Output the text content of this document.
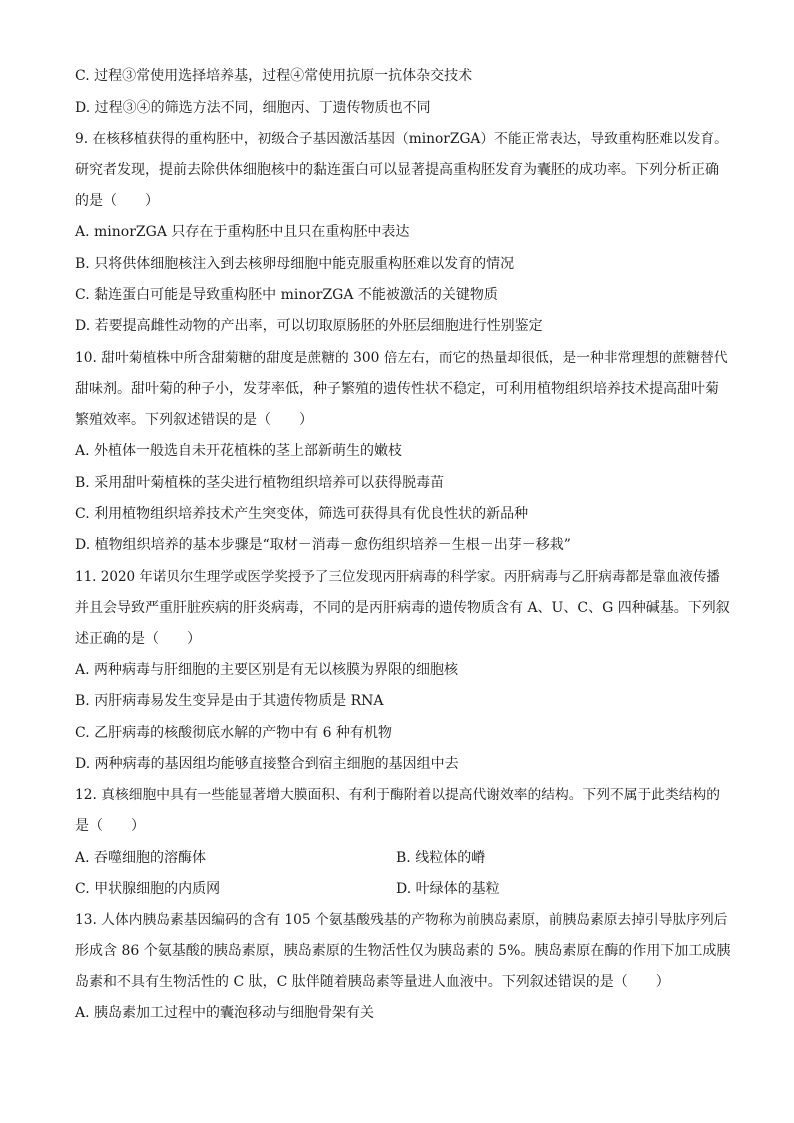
C. 过程③常使用选择培养基，过程④常使用抗原一抗体杂交技术
D. 过程③④的筛选方法不同，细胞丙、丁遗传物质也不同
9. 在核移植获得的重构胚中，初级合子基因激活基因（minorZGA）不能正常表达，导致重构胚难以发育。
研究者发现，提前去除供体细胞核中的黏连蛋白可以显著提高重构胚发育为囊胚的成功率。下列分析正确
的是（　　）
A. minorZGA 只存在于重构胚中且只在重构胚中表达
B. 只将供体细胞核注入到去核卵母细胞中能克服重构胚难以发育的情况
C. 黏连蛋白可能是导致重构胚中 minorZGA 不能被激活的关键物质
D. 若要提高雌性动物的产出率，可以切取原肠胚的外胚层细胞进行性别鉴定
10. 甜叶菊植株中所含甜菊糖的甜度是蔗糖的 300 倍左右，而它的热量却很低，是一种非常理想的蔗糖替代
甜味剂。甜叶菊的种子小，发芽率低，种子繁殖的遗传性状不稳定，可利用植物组织培养技术提高甜叶菊
繁殖效率。下列叙述错误的是（　　）
A. 外植体一般选自未开花植株的茎上部新萌生的嫩枝
B. 采用甜叶菊植株的茎尖进行植物组织培养可以获得脱毒苗
C. 利用植物组织培养技术产生突变体，筛选可获得具有优良性状的新品种
D. 植物组织培养的基本步骤是“取材－消毒－愈伤组织培养－生根－出芽－移栽”
11. 2020 年诺贝尔生理学或医学奖授予了三位发现丙肝病毒的科学家。丙肝病毒与乙肝病毒都是靠血液传播
并且会导致严重肝脏疾病的肝炎病毒，不同的是丙肝病毒的遗传物质含有 A、U、C、G 四种碱基。下列叙
述正确的是（　　）
A. 两种病毒与肝细胞的主要区别是有无以核膜为界限的细胞核
B. 丙肝病毒易发生变异是由于其遗传物质是 RNA
C. 乙肝病毒的核酸彻底水解的产物中有 6 种有机物
D. 两种病毒的基因组均能够直接整合到宿主细胞的基因组中去
12. 真核细胞中具有一些能显著增大膜面积、有利于酶附着以提高代谢效率的结构。下列不属于此类结构的
是（　　）
A. 吞噬细胞的溶酶体	B. 线粒体的嵴
C. 甲状腺细胞的内质网	D. 叶绿体的基粒
13. 人体内胰岛素基因编码的含有 105 个氨基酸残基的产物称为前胰岛素原，前胰岛素原去掉引导肽序列后
形成含 86 个氨基酸的胰岛素原，胰岛素原的生物活性仅为胰岛素的 5%。胰岛素原在酶的作用下加工成胰
岛素和不具有生物活性的 C 肽，C 肽伴随着胰岛素等量进人血液中。下列叙述错误的是（　　）
A. 胰岛素加工过程中的囊泡移动与细胞骨架有关
